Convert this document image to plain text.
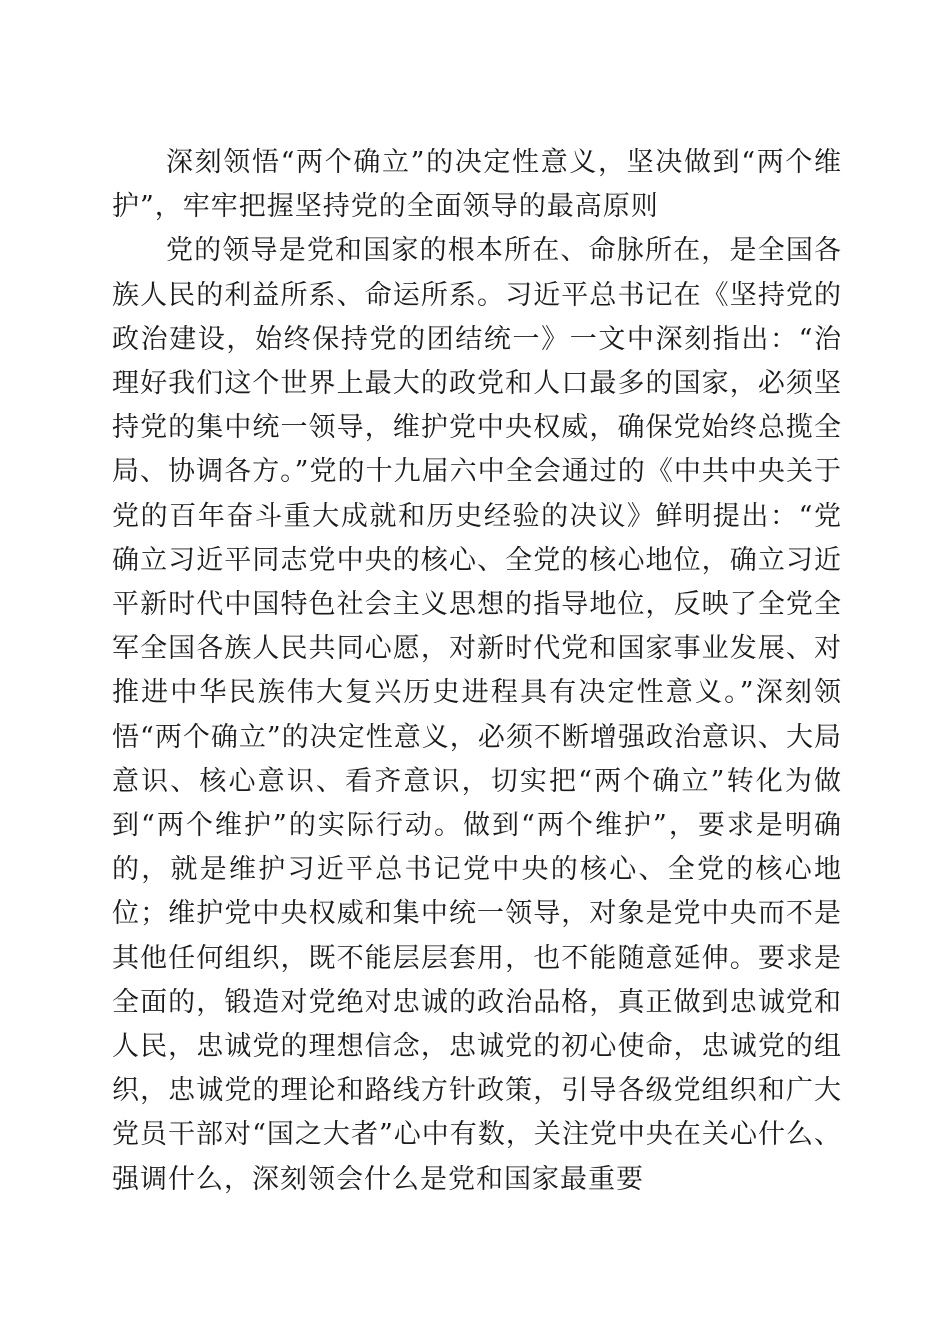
深刻领悟“两个确立”的决定性意义，坚决做到“两个维护”，牢牢把握坚持党的全面领导的最高原则

党的领导是党和国家的根本所在、命脉所在，是全国各族人民的利益所系、命运所系。习近平总书记在《坚持党的政治建设，始终保持党的团结统一》一文中深刻指出：“治理好我们这个世界上最大的政党和人口最多的国家，必须坚持党的集中统一领导，维护党中央权威，确保党始终总揽全局、协调各方。”党的十九届六中全会通过的《中共中央关于党的百年奋斗重大成就和历史经验的决议》鲜明提出：“党确立习近平同志党中央的核心、全党的核心地位，确立习近平新时代中国特色社会主义思想的指导地位，反映了全党全军全国各族人民共同心愿，对新时代党和国家事业发展、对推进中华民族伟大复兴历史进程具有决定性意义。”深刻领悟“两个确立”的决定性意义，必须不断增强政治意识、大局意识、核心意识、看齐意识，切实把“两个确立”转化为做到“两个维护”的实际行动。做到“两个维护”，要求是明确的，就是维护习近平总书记党中央的核心、全党的核心地位；维护党中央权威和集中统一领导，对象是党中央而不是其他任何组织，既不能层层套用，也不能随意延伸。要求是全面的，锻造对党绝对忠诚的政治品格，真正做到忠诚党和人民，忠诚党的理想信念，忠诚党的初心使命，忠诚党的组织，忠诚党的理论和路线方针政策，引导各级党组织和广大党员干部对“国之大者”心中有数，关注党中央在关心什么、强调什么，深刻领会什么是党和国家最重要
